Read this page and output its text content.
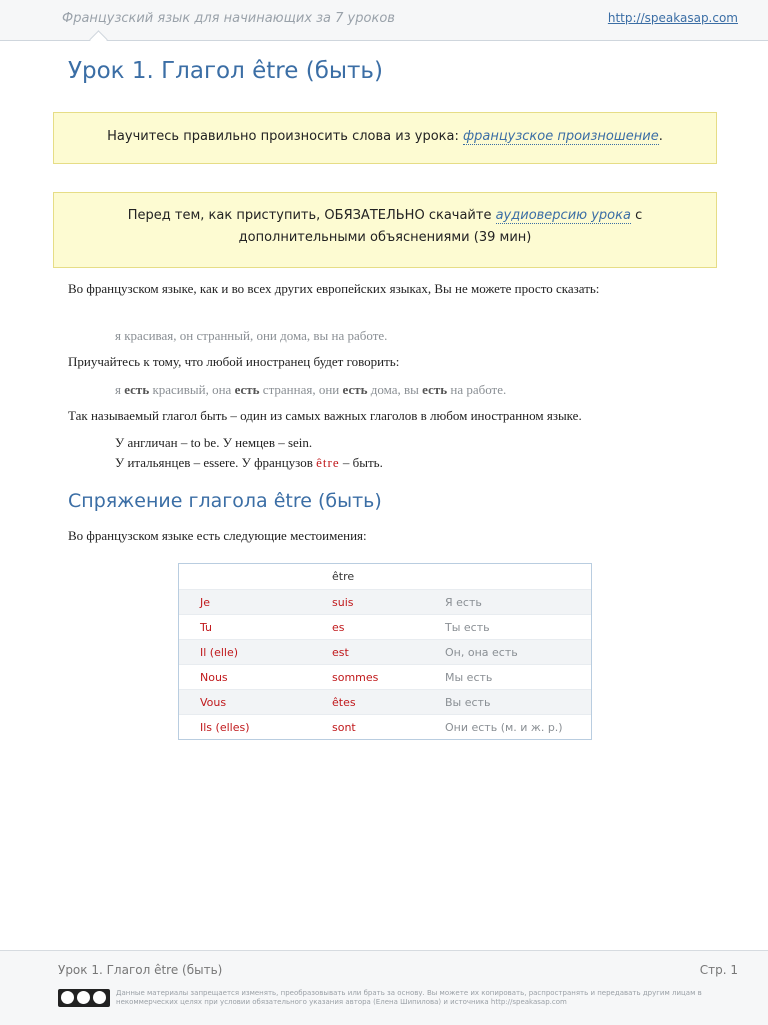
Французский язык для начинающих за 7 уроков	http://speakasap.com
Урок 1. Глагол être (быть)
Научитесь правильно произносить слова из урока: французское произношение.
Перед тем, как приступить, ОБЯЗАТЕЛЬНО скачайте аудиоверсию урока с дополнительными объяснениями (39 мин)
Во французском языке, как и во всех других европейских языках, Вы не можете просто сказать:
я красивая, он странный, они дома, вы на работе.
Приучайтесь к тому, что любой иностранец будет говорить:
я есть красивый, она есть странная, они есть дома, вы есть на работе.
Так называемый глагол быть – один из самых важных глаголов в любом иностранном языке.
У англичан – to be. У немцев – sein.
У итальянцев – essere. У французов être – быть.
Спряжение глагола être (быть)
Во французском языке есть следующие местоимения:
être
Je	suis	Я есть
Tu	es	Ты есть
Il (elle)	est	Он, она есть
Nous	sommes	Мы есть
Vous	êtes	Вы есть
Ils (elles)	sont	Они есть (м. и ж. р.)
Урок 1. Глагол être (быть)	Стр. 1
Данные материалы запрещается изменять, преобразовывать или брать за основу. Вы можете их копировать, распространять и передавать другим лицам в некоммерческих целях при условии обязательного указания автора (Елена Шипилова) и источника http://speakasap.com
